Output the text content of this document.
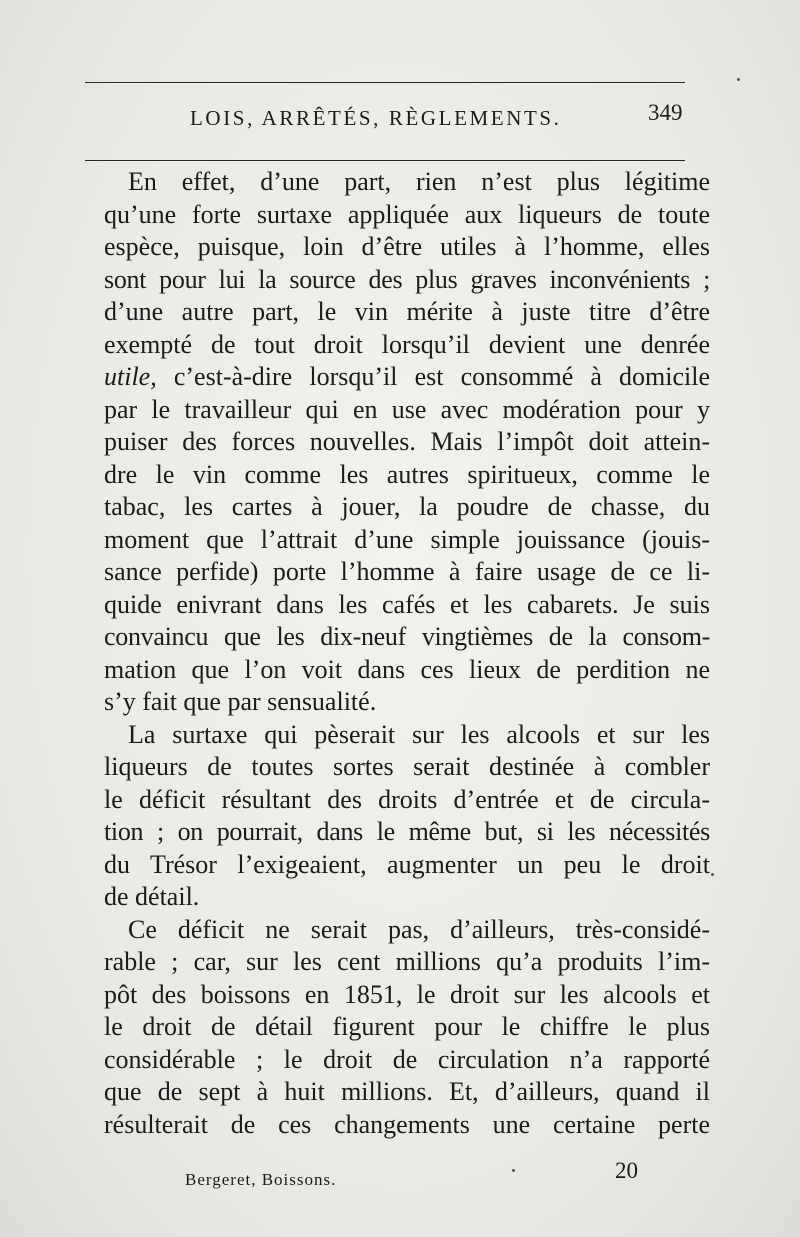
LOIS, ARRÊTÉS, RÈGLEMENTS.	349
En effet, d’une part, rien n’est plus légitime
qu’une forte surtaxe appliquée aux liqueurs de toute
espèce, puisque, loin d’être utiles à l’homme, elles
sont pour lui la source des plus graves inconvénients ;
d’une autre part, le vin mérite à juste titre d’être
exempté de tout droit lorsqu’il devient une denrée
utile, c’est-à-dire lorsqu’il est consommé à domicile
par le travailleur qui en use avec modération pour y
puiser des forces nouvelles. Mais l’impôt doit attein-
dre le vin comme les autres spiritueux, comme le
tabac, les cartes à jouer, la poudre de chasse, du
moment que l’attrait d’une simple jouissance (jouis-
sance perfide) porte l’homme à faire usage de ce li-
quide enivrant dans les cafés et les cabarets. Je suis
convaincu que les dix-neuf vingtièmes de la consom-
mation que l’on voit dans ces lieux de perdition ne
s’y fait que par sensualité.
La surtaxe qui pèserait sur les alcools et sur les
liqueurs de toutes sortes serait destinée à combler
le déficit résultant des droits d’entrée et de circula-
tion ; on pourrait, dans le même but, si les nécessités
du Trésor l’exigeaient, augmenter un peu le droit
de détail.
Ce déficit ne serait pas, d’ailleurs, très-considé-
rable ; car, sur les cent millions qu’a produits l’im-
pôt des boissons en 1851, le droit sur les alcools et
le droit de détail figurent pour le chiffre le plus
considérable ; le droit de circulation n’a rapporté
que de sept à huit millions. Et, d’ailleurs, quand il
résulterait de ces changements une certaine perte
Bergeret, Boissons.	20
